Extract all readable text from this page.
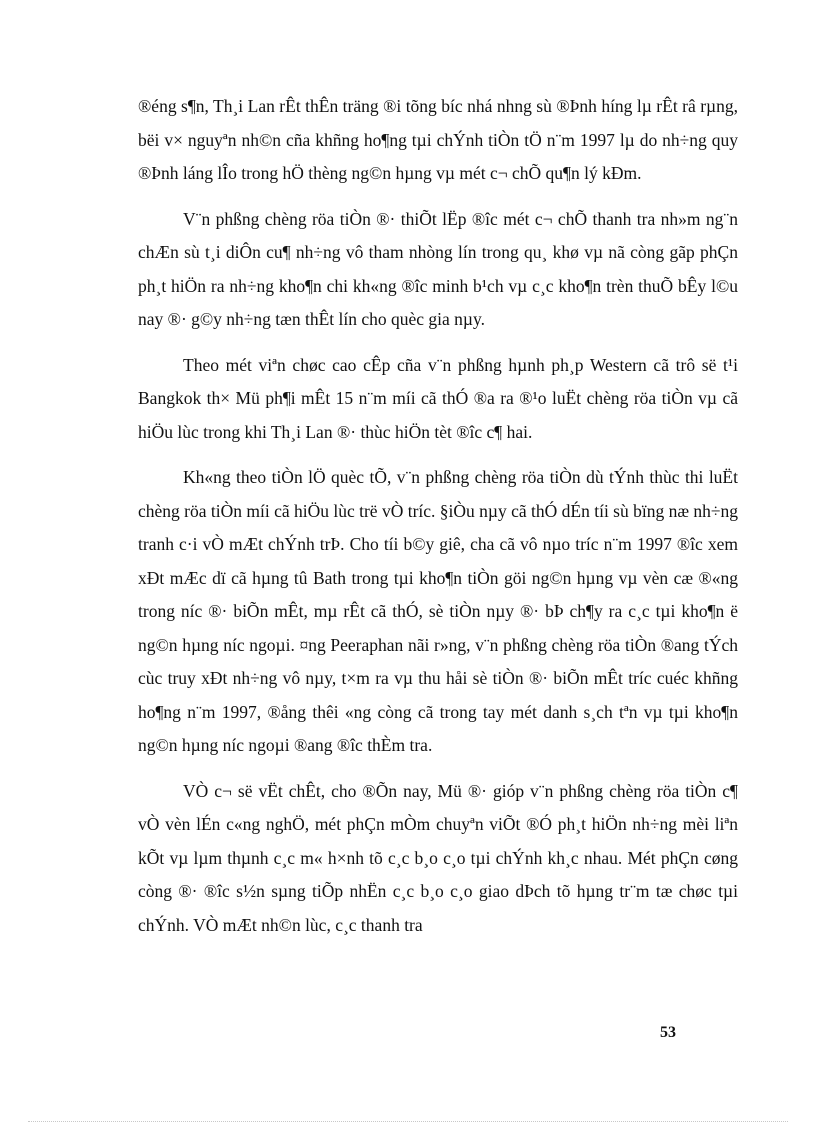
®éng s¶n, Th¸i Lan rÊt thÊn träng ®i tõng bíc nhá nhng sù ®Þnh híng lµ rÊt râ rµng, bëi v× nguyªn nh©n cña khñng ho¶ng tµi chÝnh tiÒn tÖ n¨m 1997 lµ do nh÷ng quy ®Þnh láng lÎo trong hÖ thèng ng©n hµng vµ mét c¬ chÕ qu¶n lý kÐm.

V¨n phßng chèng röa tiÒn ®· thiÕt lËp ®îc mét c¬ chÕ thanh tra nh»m ng¨n chÆn sù t¸i diÔn cu¶ nh÷ng vô tham nhòng lín trong qu¸ khø vµ nã còng gãp phÇn ph¸t hiÖn ra nh÷ng kho¶n chi kh«ng ®îc minh b¹ch vµ c¸c kho¶n trèn thuÕ bÊy l©u nay ®· g©y nh÷ng tæn thÊt lín cho quèc gia nµy.

Theo mét viªn chøc cao cÊp cña v¨n phßng hµnh ph¸p Western cã trô së t¹i Bangkok th× Mü ph¶i mÊt 15 n¨m míi cã thÓ ®a ra ®¹o luËt chèng röa tiÒn vµ cã hiÖu lùc trong khi Th¸i Lan ®· thùc hiÖn tèt ®îc c¶ hai.

Kh«ng theo tiÒn lÖ quèc tÕ, v¨n phßng chèng röa tiÒn dù tÝnh thùc thi luËt chèng röa tiÒn míi cã hiÖu lùc trë vÒ tríc. §iÒu nµy cã thÓ dÉn tíi sù bïng næ nh÷ng tranh c·i vÒ mÆt chÝnh trÞ. Cho tíi b©y giê, cha cã vô nµo tríc n¨m 1997 ®îc xem xÐt mÆc dï cã hµng tû Bath trong tµi kho¶n tiÒn göi ng©n hµng vµ vèn cæ ®«ng trong níc ®· biÕn mÊt, mµ rÊt cã thÓ, sè tiÒn nµy ®· bÞ ch¶y ra c¸c tµi kho¶n ë ng©n hµng níc ngoµi. ¤ng Peeraphan nãi r»ng, v¨n phßng chèng röa tiÒn ®ang tÝch cùc truy xÐt nh÷ng vô nµy, t×m ra vµ thu håi sè tiÒn ®· biÕn mÊt tríc cuéc khñng ho¶ng n¨m 1997, ®ång thêi «ng còng cã trong tay mét danh s¸ch tªn vµ tµi kho¶n ng©n hµng níc ngoµi ®ang ®îc thÈm tra.

VÒ c¬ së vËt chÊt, cho ®Õn nay, Mü ®· gióp v¨n phßng chèng röa tiÒn c¶ vÒ vèn lÉn c«ng nghÖ, mét phÇn mÒm chuyªn viÕt ®Ó ph¸t hiÖn nh÷ng mèi liªn kÕt vµ lµm thµnh c¸c m« h×nh tõ c¸c b¸o c¸o tµi chÝnh kh¸c nhau. Mét phÇn cøng còng ®· ®îc s½n sµng tiÕp nhËn c¸c b¸o c¸o giao dÞch tõ hµng tr¨m tæ chøc tµi chÝnh. VÒ mÆt nh©n lùc, c¸c thanh tra

53
